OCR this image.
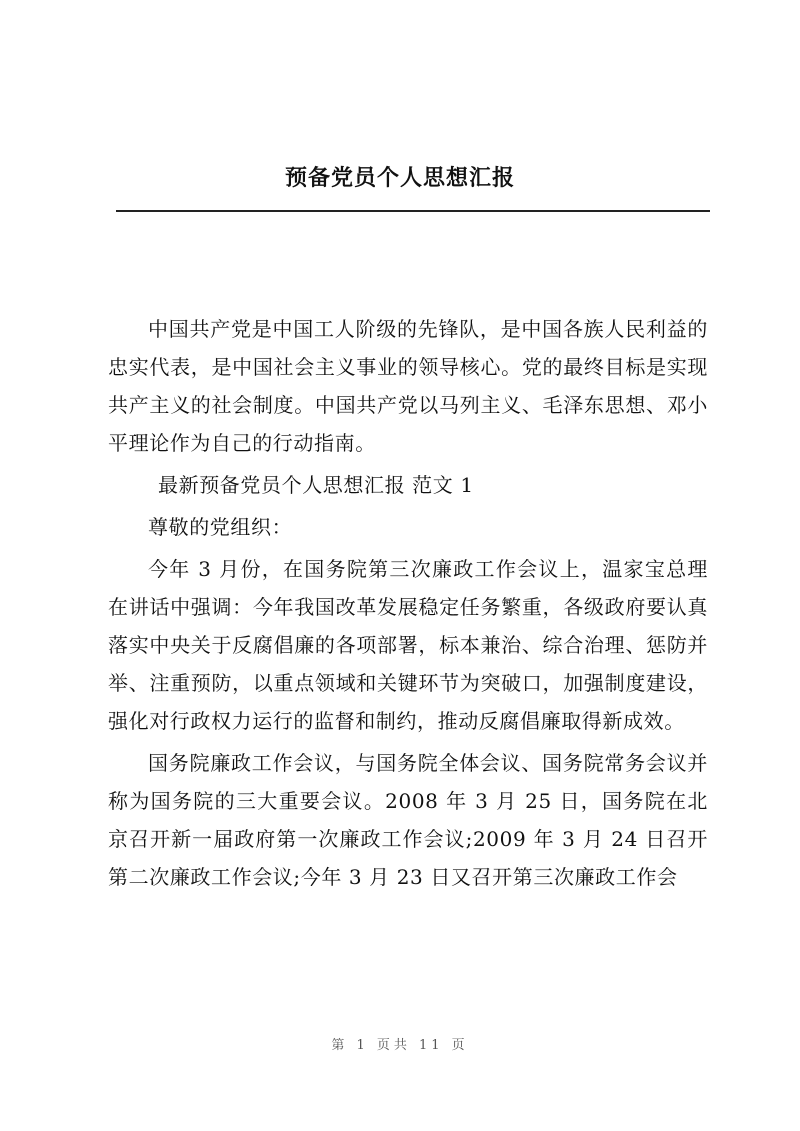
预备党员个人思想汇报

中国共产党是中国工人阶级的先锋队，是中国各族人民利益的忠实代表，是中国社会主义事业的领导核心。党的最终目标是实现共产主义的社会制度。中国共产党以马列主义、毛泽东思想、邓小平理论作为自己的行动指南。

最新预备党员个人思想汇报 范文 1

尊敬的党组织：

今年 3 月份，在国务院第三次廉政工作会议上，温家宝总理在讲话中强调：今年我国改革发展稳定任务繁重，各级政府要认真落实中央关于反腐倡廉的各项部署，标本兼治、综合治理、惩防并举、注重预防，以重点领域和关键环节为突破口，加强制度建设，强化对行政权力运行的监督和制约，推动反腐倡廉取得新成效。

国务院廉政工作会议，与国务院全体会议、国务院常务会议并称为国务院的三大重要会议。2008 年 3 月 25 日，国务院在北京召开新一届政府第一次廉政工作会议;2009 年 3 月 24 日召开第二次廉政工作会议;今年 3 月 23 日又召开第三次廉政工作会

第 1 页共 11 页
